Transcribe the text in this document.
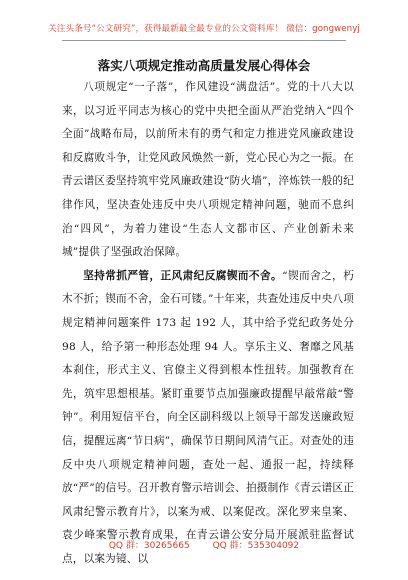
关注头条号“公文研究”，获得最新最全最专业的公文资料库！ 微信：gongwenyj
落实八项规定推动高质量发展心得体会

八项规定“一子落”，作风建设“满盘活”。党的十八大以来，以习近平同志为核心的党中央把全面从严治党纳入“四个全面”战略布局，以前所未有的勇气和定力推进党风廉政建设和反腐败斗争，让党风政风焕然一新，党心民心为之一振。在青云谱区委坚持筑牢党风廉政建设“防火墙”，淬炼铁一般的纪律作风，坚决查处违反中央八项规定精神问题，驰而不息纠治“四风”，为着力建设“生态人文都市区、产业创新未来城”提供了坚强政治保障。

坚持常抓严管，正风肃纪反腐锲而不舍。“锲而舍之，朽木不折；锲而不舍，金石可镂。”十年来，共查处违反中央八项规定精神问题案件 173 起 192 人，其中给予党纪政务处分 98 人，给予第一种形态处理 94 人。享乐主义、奢靡之风基本刹住，形式主义、官僚主义得到根本性扭转。加强教育在先，筑牢思想根基。紧盯重要节点加强廉政提醒早敲常敲“警钟”。利用短信平台，向全区副科级以上领导干部发送廉政短信，提醒远离“节日病”，确保节日期间风清气正。对查处的违反中央八项规定精神问题，查处一起、通报一起，持续释放“严”的信号。召开教育警示培训会、拍摄制作《青云谱区正风肃纪警示教育片》，以案为戒、以案促改。深化罗来皇案、袁少峰案警示教育成果，在青云谱公安分局开展派驻监督试点，以案为镜、以

QQ 群：30265665	QQ 群：535304092
